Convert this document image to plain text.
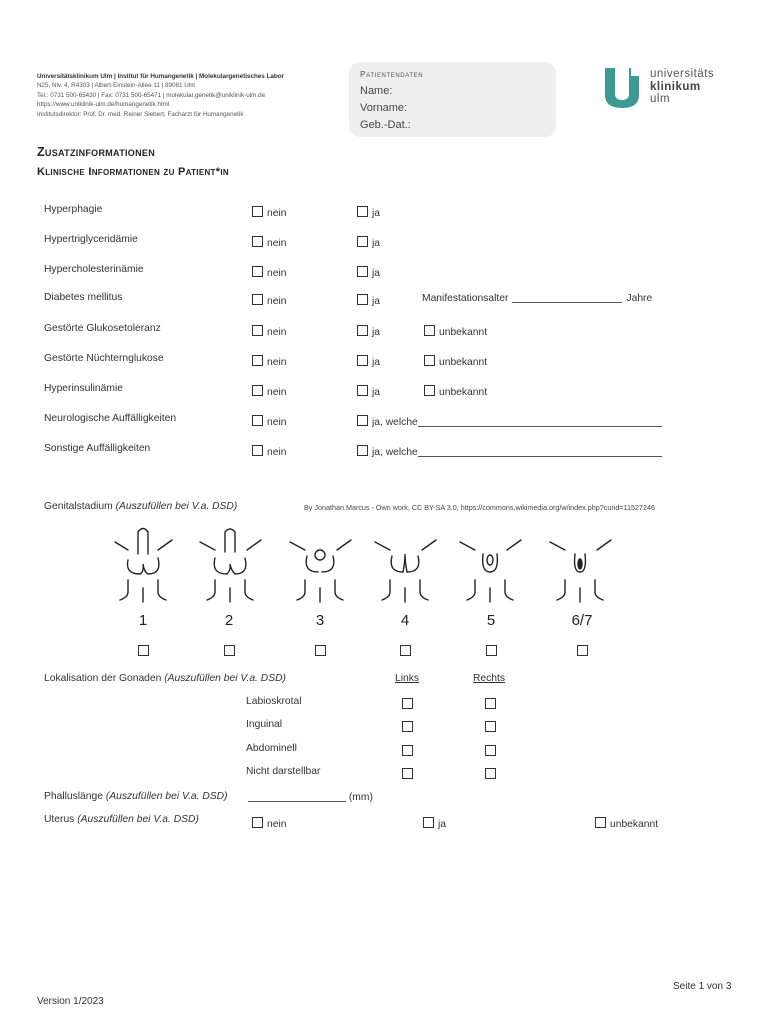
Universitätsklinikum Ulm | Institut für Humangenetik | Molekulargenetisches Labor
N25, Niv. 4, R4303 | Albert-Einstein-Allee 11 | 89081 Ulm
Tel.: 0731 500-65430 | Fax: 0731 500-65471 | molekular.genetik@uniklinik-ulm.de
https://www.uniklinik-ulm.de/humangenetik.html
Institutsdirektor: Prof. Dr. med. Reiner Siebert, Facharzt für Humangenetik
Patientendaten
Name:
Vorname:
Geb.-Dat.:
universitäts
klinikum
ulm
Zusatzinformationen
Klinische Informationen zu Patient*in
Hyperphagie	nein	ja
Hypertriglyceridämie	nein	ja
Hypercholesterinämie	nein	ja
Diabetes mellitus	nein	ja	Manifestationsalter	Jahre
Gestörte Glukosetoleranz	nein	ja	unbekannt
Gestörte Nüchternglukose	nein	ja	unbekannt
Hyperinsulinämie	nein	ja	unbekannt
Neurologische Auffälligkeiten	nein	ja, welche
Sonstige Auffälligkeiten	nein	ja, welche
Genitalstadium (Auszufüllen bei V.a. DSD)	By Jonathan.Marcus - Own work, CC BY-SA 3.0, https://commons.wikimedia.org/w/index.php?curid=11527246
1	2	3	4	5	6/7
Lokalisation der Gonaden (Auszufüllen bei V.a. DSD)	Links	Rechts
Labioskrotal
Inguinal
Abdominell
Nicht darstellbar
Phalluslänge (Auszufüllen bei V.a. DSD)	(mm)
Uterus (Auszufüllen bei V.a. DSD)	nein	ja	unbekannt
Seite 1 von 3
Version 1/2023
